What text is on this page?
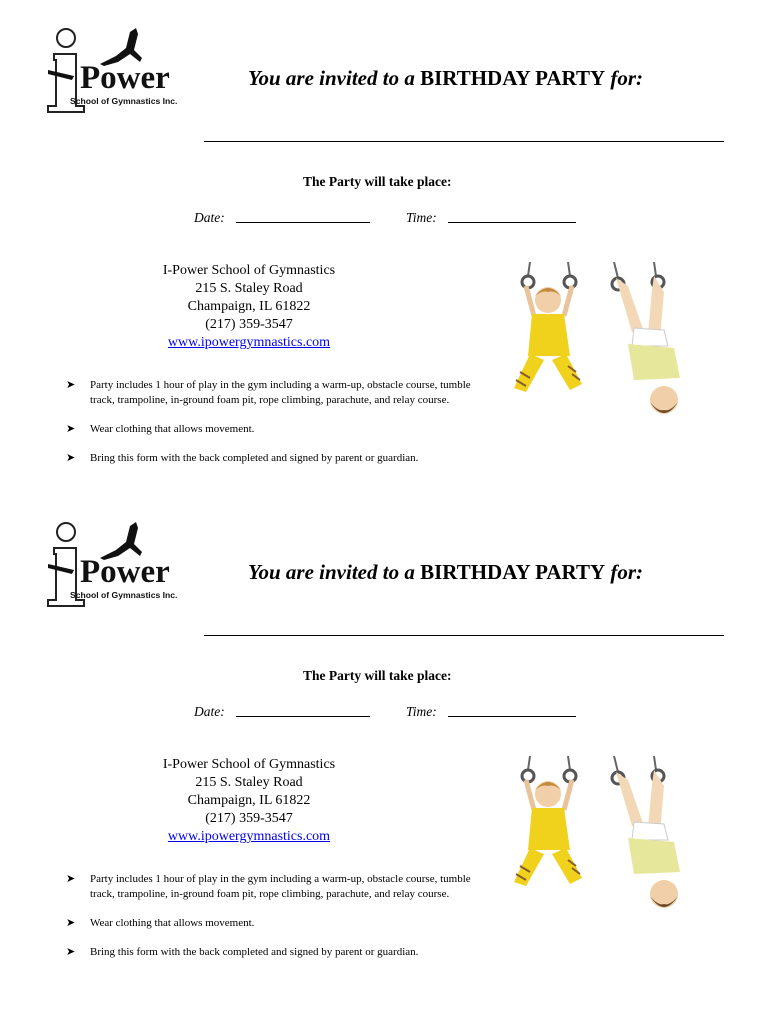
Power
School of Gymnastics Inc.
You are invited to a BIRTHDAY PARTY for:
The Party will take place:
Date:	Time:
I-Power School of Gymnastics
215 S. Staley Road
Champaign, IL 61822
(217) 359-3547
www.ipowergymnastics.com
➤ Party includes 1 hour of play in the gym including a warm-up, obstacle course, tumble track, trampoline, in-ground foam pit, rope climbing, parachute, and relay course.
➤ Wear clothing that allows movement.
➤ Bring this form with the back completed and signed by parent or guardian.
Power
School of Gymnastics Inc.
You are invited to a BIRTHDAY PARTY for:
The Party will take place:
Date:	Time:
I-Power School of Gymnastics
215 S. Staley Road
Champaign, IL 61822
(217) 359-3547
www.ipowergymnastics.com
➤ Party includes 1 hour of play in the gym including a warm-up, obstacle course, tumble track, trampoline, in-ground foam pit, rope climbing, parachute, and relay course.
➤ Wear clothing that allows movement.
➤ Bring this form with the back completed and signed by parent or guardian.
